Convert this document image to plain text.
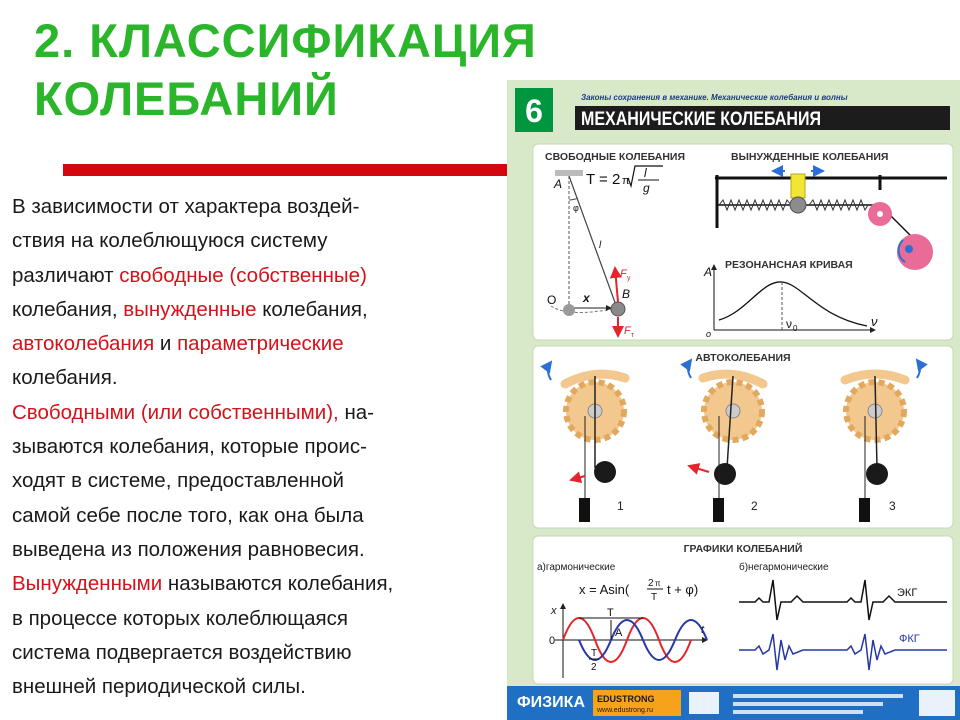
2. КЛАССИФИКАЦИЯ
КОЛЕБАНИЙ
В зависимости от характера воздей-
ствия на колеблющуюся систему
различают свободные (собственные)
колебания, вынужденные колебания,
автоколебания и параметрические
колебания.
Свободными (или собственными), на-
зываются колебания, которые проис-
ходят в системе, предоставленной
самой себе после того, как она была
выведена из положения равновесия.
Вынужденными называются колебания,
в процессе которых колеблющаяся
система подвергается воздействию
внешней периодической силы.
6	Законы сохранения в механике. Механические колебания и волны
МЕХАНИЧЕСКИЕ КОЛЕБАНИЯ
СВОБОДНЫЕ КОЛЕБАНИЯ
T = 2 π
l
g
A
φ
l
O x	B
F у
F т
ВЫНУЖДЕННЫЕ КОЛЕБАНИЯ
РЕЗОНАНСНАЯ КРИВАЯ
A
o
ν 0	ν
АВТОКОЛЕБАНИЯ
1	2	3
ГРАФИКИ КОЛЕБАНИЙ
а)гармонические	б)негармонические
x = Asin( 2 π
T
t + φ)
x
t
0
T
A
T
2
ЭКГ
ФКГ
ФИЗИКА EDUSTRONG
www.edustrong.ru
